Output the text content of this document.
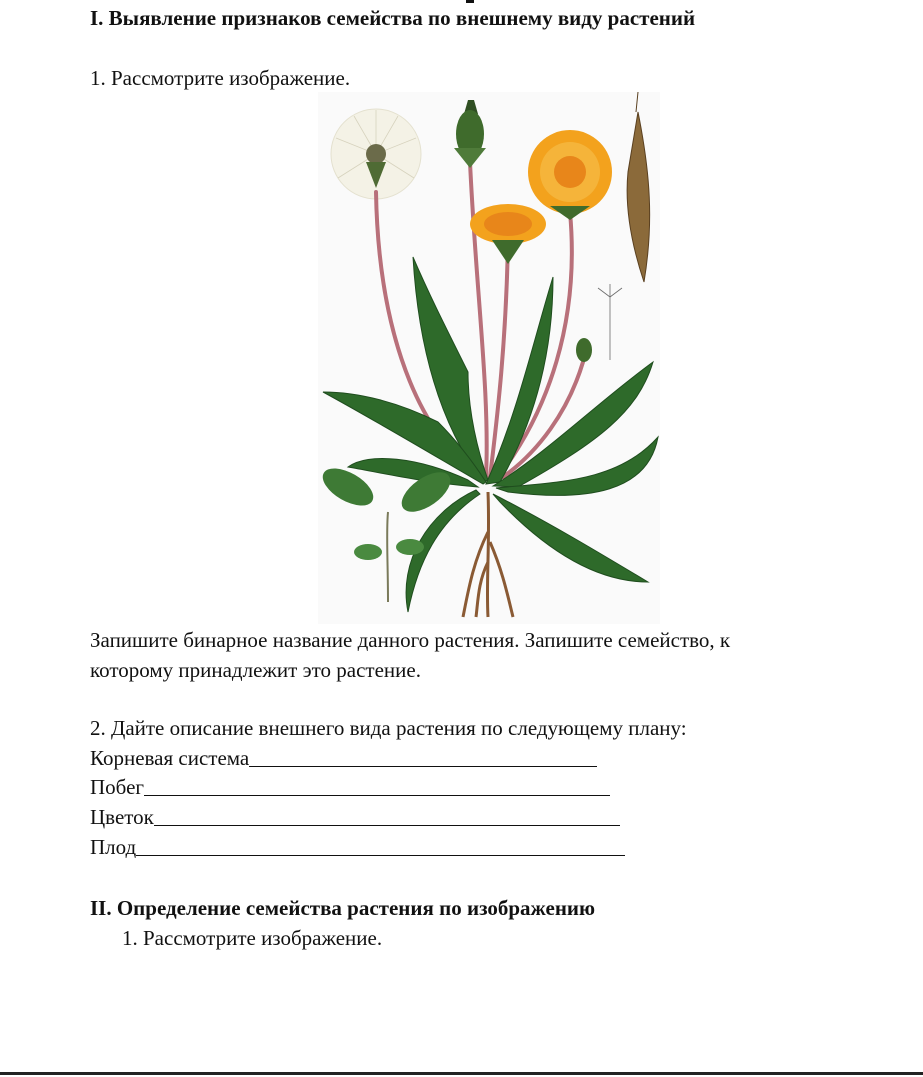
I. Выявление признаков семейства по внешнему виду растений
1. Рассмотрите изображение.
Запишите бинарное название данного растения. Запишите семейство, к
которому принадлежит это растение.
2. Дайте описание внешнего вида растения по следующему плану:
Корневая система
Побег
Цветок
Плод
II. Определение семейства растения по изображению
1. Рассмотрите изображение.
